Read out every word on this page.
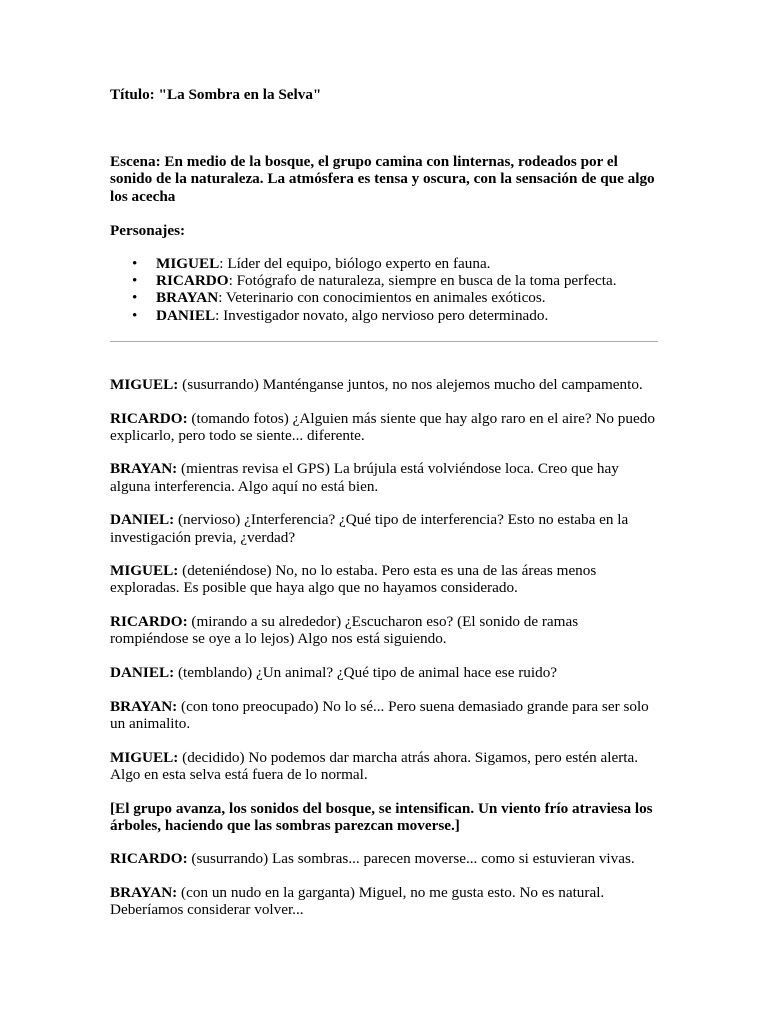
Título: "La Sombra en la Selva"

Escena: En medio de la bosque, el grupo camina con linternas, rodeados por el sonido de la naturaleza. La atmósfera es tensa y oscura, con la sensación de que algo los acecha

Personajes:

• MIGUEL: Líder del equipo, biólogo experto en fauna.
• RICARDO: Fotógrafo de naturaleza, siempre en busca de la toma perfecta.
• BRAYAN: Veterinario con conocimientos en animales exóticos.
• DANIEL: Investigador novato, algo nervioso pero determinado.

MIGUEL: (susurrando) Manténganse juntos, no nos alejemos mucho del campamento.

RICARDO: (tomando fotos) ¿Alguien más siente que hay algo raro en el aire? No puedo explicarlo, pero todo se siente... diferente.

BRAYAN: (mientras revisa el GPS) La brújula está volviéndose loca. Creo que hay alguna interferencia. Algo aquí no está bien.

DANIEL: (nervioso) ¿Interferencia? ¿Qué tipo de interferencia? Esto no estaba en la investigación previa, ¿verdad?

MIGUEL: (deteniéndose) No, no lo estaba. Pero esta es una de las áreas menos exploradas. Es posible que haya algo que no hayamos considerado.

RICARDO: (mirando a su alrededor) ¿Escucharon eso? (El sonido de ramas rompiéndose se oye a lo lejos) Algo nos está siguiendo.

DANIEL: (temblando) ¿Un animal? ¿Qué tipo de animal hace ese ruido?

BRAYAN: (con tono preocupado) No lo sé... Pero suena demasiado grande para ser solo un animalito.

MIGUEL: (decidido) No podemos dar marcha atrás ahora. Sigamos, pero estén alerta. Algo en esta selva está fuera de lo normal.

[El grupo avanza, los sonidos del bosque, se intensifican. Un viento frío atraviesa los árboles, haciendo que las sombras parezcan moverse.]

RICARDO: (susurrando) Las sombras... parecen moverse... como si estuvieran vivas.

BRAYAN: (con un nudo en la garganta) Miguel, no me gusta esto. No es natural. Deberíamos considerar volver...
